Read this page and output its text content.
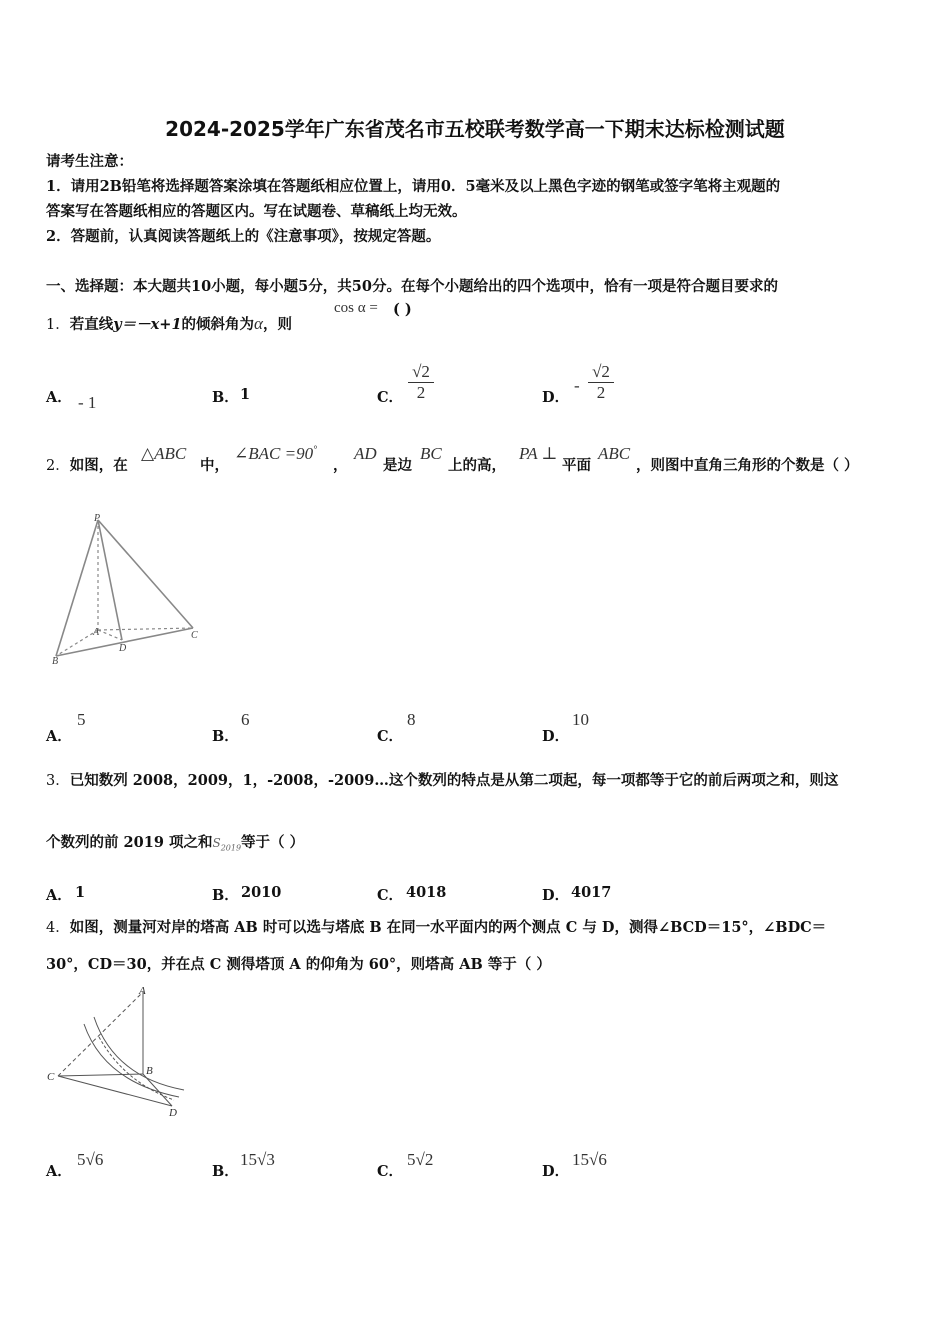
2024-2025学年广东省茂名市五校联考数学高一下期末达标检测试题
请考生注意：
1．请用2B铅笔将选择题答案涂填在答题纸相应位置上，请用0．5毫米及以上黑色字迹的钢笔或签字笔将主观题的
答案写在答题纸相应的答题区内。写在试题卷、草稿纸上均无效。
2．答题前，认真阅读答题纸上的《注意事项》，按规定答题。
一、选择题：本大题共10小题，每小题5分，共50分。在每个小题给出的四个选项中，恰有一项是符合题目要求的
1．若直线y＝－x+1的倾斜角为α，则
cos α = ( )
A． - 1	B． 1	C．
√2
2	D．
-
√2
2
2．如图，在
△ABC
中，
∠BAC =90°
，
AD
是边
BC
上的高，
PA ⊥
平面
ABC
，则图中直角三角形的个数是（ ）
P
A
B
D
C
A．
5
B．
6
C．
8
D．
10
3．已知数列 2008，2009，1，-2008，-2009…这个数列的特点是从第二项起，每一项都等于它的前后两项之和，则这
个数列的前 2019 项之和$S_{2019}$等于（ ）
A． 1	B． 2010	C． 4018	D． 4017
4．如图，测量河对岸的塔高 AB 时可以选与塔底 B 在同一水平面内的两个测点 C 与 D，测得∠BCD＝15°，∠BDC＝
30°，CD＝30，并在点 C 测得塔顶 A 的仰角为 60°，则塔高 AB 等于（ ）
A
B
C
D
A．
5√6
B．
15√3
C．
5√2
D．
15√6
